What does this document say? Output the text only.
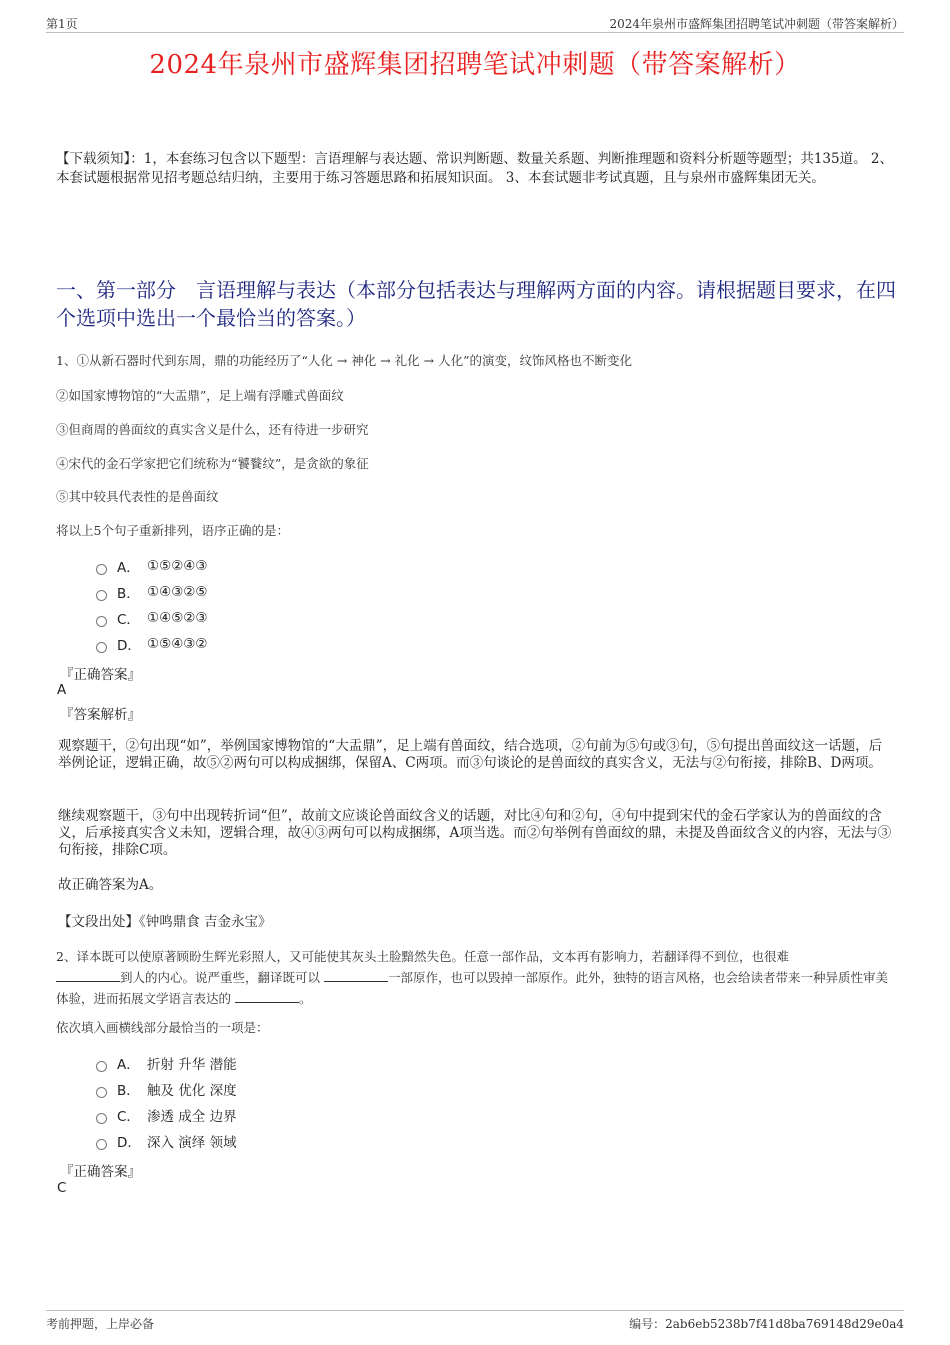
第1页	2024年泉州市盛辉集团招聘笔试冲刺题（带答案解析）
2024年泉州市盛辉集团招聘笔试冲刺题（带答案解析）
【下载须知】：1，本套练习包含以下题型：言语理解与表达题、常识判断题、数量关系题、判断推理题和资料分析题等题型；共135道。 2、本套试题根据常见招考题总结归纳，主要用于练习答题思路和拓展知识面。 3、本套试题非考试真题，且与泉州市盛辉集团无关。
一、第一部分　言语理解与表达（本部分包括表达与理解两方面的内容。请根据题目要求，在四个选项中选出一个最恰当的答案。）
1、①从新石器时代到东周，鼎的功能经历了“人化 → 神化 → 礼化 → 人化”的演变，纹饰风格也不断变化
②如国家博物馆的“大盂鼎”，足上端有浮雕式兽面纹
③但商周的兽面纹的真实含义是什么，还有待进一步研究
④宋代的金石学家把它们统称为“饕餮纹”，是贪欲的象征
⑤其中较具代表性的是兽面纹
将以上5个句子重新排列，语序正确的是：
A． ①⑤②④③
B． ①④③②⑤
C． ①④⑤②③
D． ①⑤④③②
『正确答案』
A
『答案解析』
观察题干，②句出现“如”，举例国家博物馆的“大盂鼎”，足上端有兽面纹，结合选项，②句前为⑤句或③句，⑤句提出兽面纹这一话题，后举例论证，逻辑正确，故⑤②两句可以构成捆绑，保留A、C两项。而③句谈论的是兽面纹的真实含义，无法与②句衔接，排除B、D两项。
继续观察题干，③句中出现转折词“但”，故前文应谈论兽面纹含义的话题，对比④句和②句，④句中提到宋代的金石学家认为的兽面纹的含义，后承接真实含义未知，逻辑合理，故④③两句可以构成捆绑，A项当选。而②句举例有兽面纹的鼎，未提及兽面纹含义的内容，无法与③句衔接，排除C项。
故正确答案为A。
【文段出处】《钟鸣鼎食 吉金永宝》
2、译本既可以使原著顾盼生辉光彩照人，又可能使其灰头土脸黯然失色。任意一部作品，文本再有影响力，若翻译得不到位，也很难
到人的内心。说严重些，翻译既可以	一部原作，也可以毁掉一部原作。此外，独特的语言风格，也会给读者带来一种异质性审美体验，进而拓展文学语言表达的	。
依次填入画横线部分最恰当的一项是：
A． 折射 升华 潜能
B． 触及 优化 深度
C． 渗透 成全 边界
D． 深入 演绎 领域
『正确答案』
C
考前押题，上岸必备	编号：2ab6eb5238b7f41d8ba769148d29e0a4
